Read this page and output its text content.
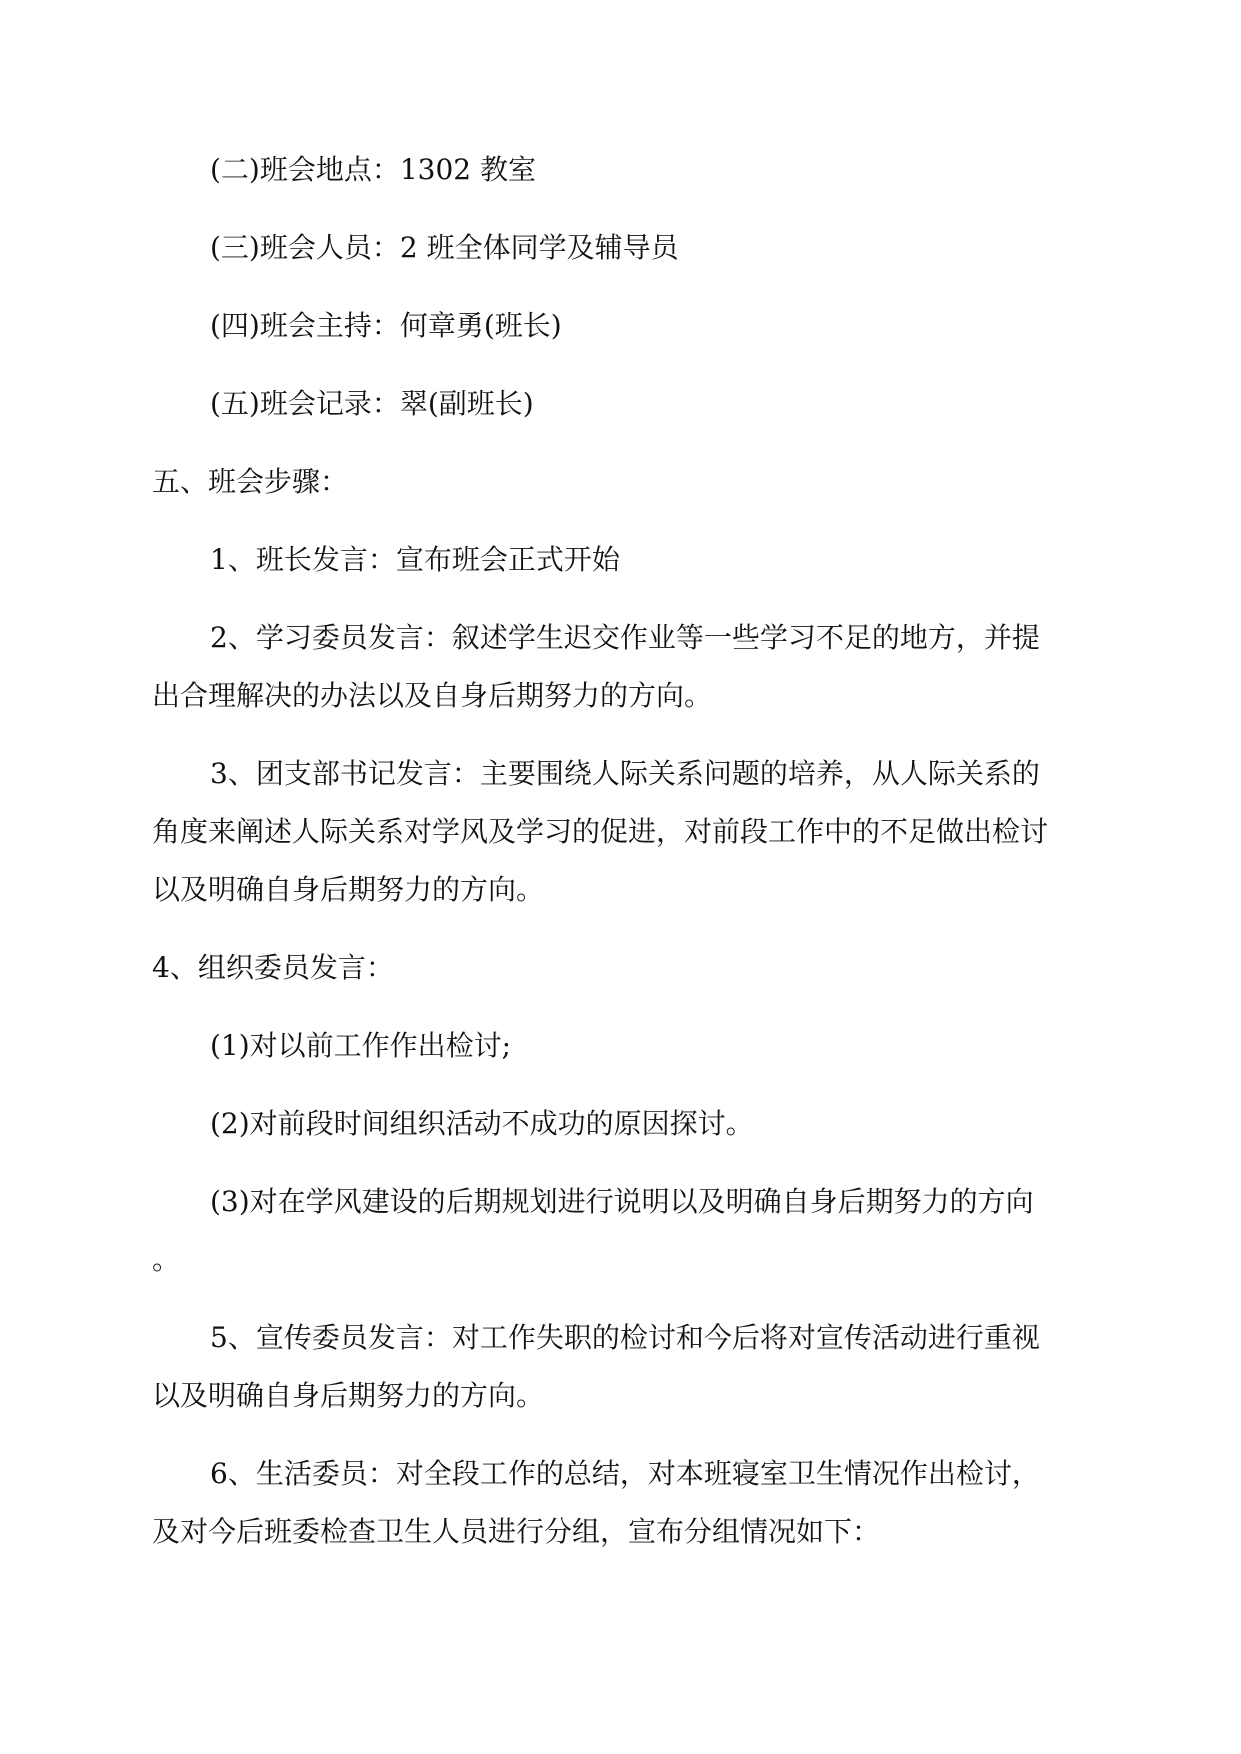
(二)班会地点：1302 教室
(三)班会人员：2 班全体同学及辅导员
(四)班会主持：何章勇(班长)
(五)班会记录：翠(副班长)
五、班会步骤：
1、班长发言：宣布班会正式开始
2、学习委员发言：叙述学生迟交作业等一些学习不足的地方，并提
出合理解决的办法以及自身后期努力的方向。
3、团支部书记发言：主要围绕人际关系问题的培养，从人际关系的
角度来阐述人际关系对学风及学习的促进，对前段工作中的不足做出检讨
以及明确自身后期努力的方向。
4、组织委员发言：
(1)对以前工作作出检讨;
(2)对前段时间组织活动不成功的原因探讨。
(3)对在学风建设的后期规划进行说明以及明确自身后期努力的方向
。
5、宣传委员发言：对工作失职的检讨和今后将对宣传活动进行重视
以及明确自身后期努力的方向。
6、生活委员：对全段工作的总结，对本班寝室卫生情况作出检讨，
及对今后班委检查卫生人员进行分组，宣布分组情况如下：
